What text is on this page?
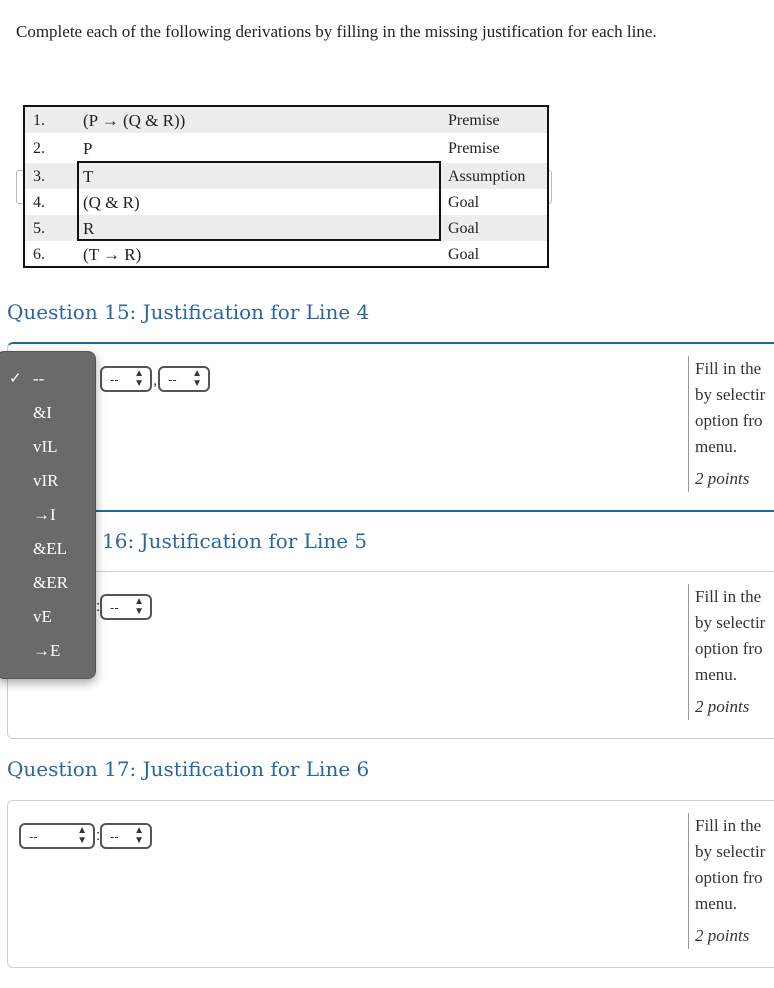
Complete each of the following derivations by filling in the missing justification for each line.
1. (P → (Q & R))	Premise
2. P	Premise
3. T	Assumption
4. (Q & R)	Goal
5. R	Goal
6. (T → R)	Goal
Question 15: Justification for Line 4
-- ▲
▼ , -- ▲
▼
Fill in the
by selectir
option fro
menu.
2 points
16: Justification for Line 5
: -- ▲
▼
Fill in the
by selectir
option fro
menu.
2 points
Question 17: Justification for Line 6
--	▲
▼ : -- ▲
▼
Fill in the
by selectir
option fro
menu.
2 points
✓ --
&I
vIL
vIR
→I
&EL
&ER
vE
→E
